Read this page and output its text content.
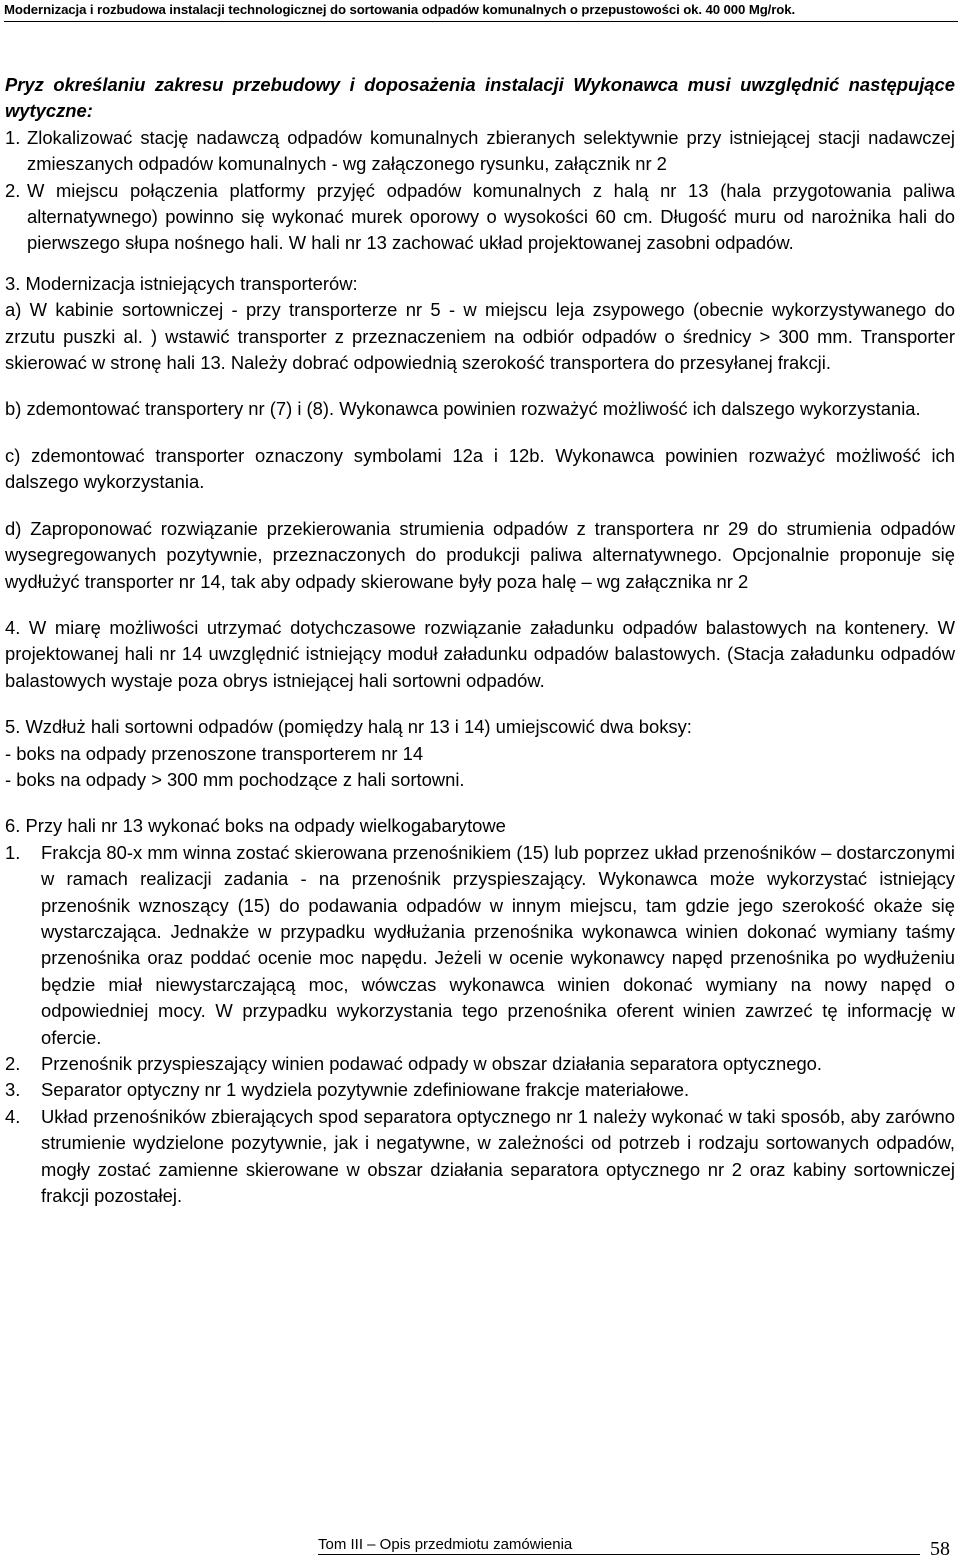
Modernizacja i rozbudowa instalacji technologicznej do sortowania odpadów komunalnych o przepustowości ok. 40 000 Mg/rok.

Pryz określaniu zakresu przebudowy i doposażenia instalacji Wykonawca musi uwzględnić następujące wytyczne:

1. Zlokalizować stację nadawczą odpadów komunalnych zbieranych selektywnie przy istniejącej stacji nadawczej zmieszanych odpadów komunalnych - wg załączonego rysunku, załącznik nr 2
2. W miejscu połączenia platformy przyjęć odpadów komunalnych z halą nr 13 (hala przygotowania paliwa alternatywnego) powinno się wykonać murek oporowy o wysokości 60 cm. Długość muru od narożnika hali do pierwszego słupa nośnego hali. W hali nr 13 zachować układ projektowanej zasobni odpadów.

3. Modernizacja istniejących transporterów:

a) W kabinie sortowniczej - przy transporterze nr 5 - w miejscu leja zsypowego (obecnie wykorzystywanego do zrzutu puszki al. ) wstawić transporter z przeznaczeniem na odbiór odpadów o średnicy > 300 mm. Transporter skierować w stronę hali 13. Należy dobrać odpowiednią szerokość transportera do przesyłanej frakcji.

b) zdemontować transportery nr (7) i (8). Wykonawca powinien rozważyć możliwość ich dalszego wykorzystania.

c) zdemontować transporter oznaczony symbolami 12a i 12b. Wykonawca powinien rozważyć możliwość ich dalszego wykorzystania.

d) Zaproponować rozwiązanie przekierowania strumienia odpadów z transportera nr 29 do strumienia odpadów wysegregowanych pozytywnie, przeznaczonych do produkcji paliwa alternatywnego. Opcjonalnie proponuje się wydłużyć transporter nr 14, tak aby odpady skierowane były poza halę – wg załącznika nr 2

4. W miarę możliwości utrzymać dotychczasowe rozwiązanie załadunku odpadów balastowych na kontenery. W projektowanej hali nr 14 uwzględnić istniejący moduł załadunku odpadów balastowych. (Stacja załadunku odpadów balastowych wystaje poza obrys istniejącej hali sortowni odpadów.

5. Wzdłuż hali sortowni odpadów (pomiędzy halą nr 13 i 14) umiejscowić dwa boksy:

- boks na odpady przenoszone transporterem nr 14

- boks na odpady > 300 mm pochodzące z hali sortowni.

6. Przy hali nr 13 wykonać boks na odpady wielkogabarytowe

1.	Frakcja 80-x mm winna zostać skierowana przenośnikiem (15) lub poprzez układ przenośników – dostarczonymi w ramach realizacji zadania - na przenośnik przyspieszający. Wykonawca może wykorzystać istniejący przenośnik wznoszący (15) do podawania odpadów w innym miejscu, tam gdzie jego szerokość okaże się wystarczająca. Jednakże w przypadku wydłużania przenośnika wykonawca winien dokonać wymiany taśmy przenośnika oraz poddać ocenie moc napędu. Jeżeli w ocenie wykonawcy napęd przenośnika po wydłużeniu będzie miał niewystarczającą moc, wówczas wykonawca winien dokonać wymiany na nowy napęd o odpowiedniej mocy. W przypadku wykorzystania tego przenośnika oferent winien zawrzeć tę informację w ofercie.
2.	Przenośnik przyspieszający winien podawać odpady w obszar działania separatora optycznego.
3.	Separator optyczny nr 1 wydziela pozytywnie zdefiniowane frakcje materiałowe.
4.	Układ przenośników zbierających spod separatora optycznego nr 1 należy wykonać w taki sposób, aby zarówno strumienie wydzielone pozytywnie, jak i negatywne, w zależności od potrzeb i rodzaju sortowanych odpadów, mogły zostać zamienne skierowane w obszar działania separatora optycznego nr 2 oraz kabiny sortowniczej frakcji pozostałej.
Tom III – Opis przedmiotu zamówienia	58
